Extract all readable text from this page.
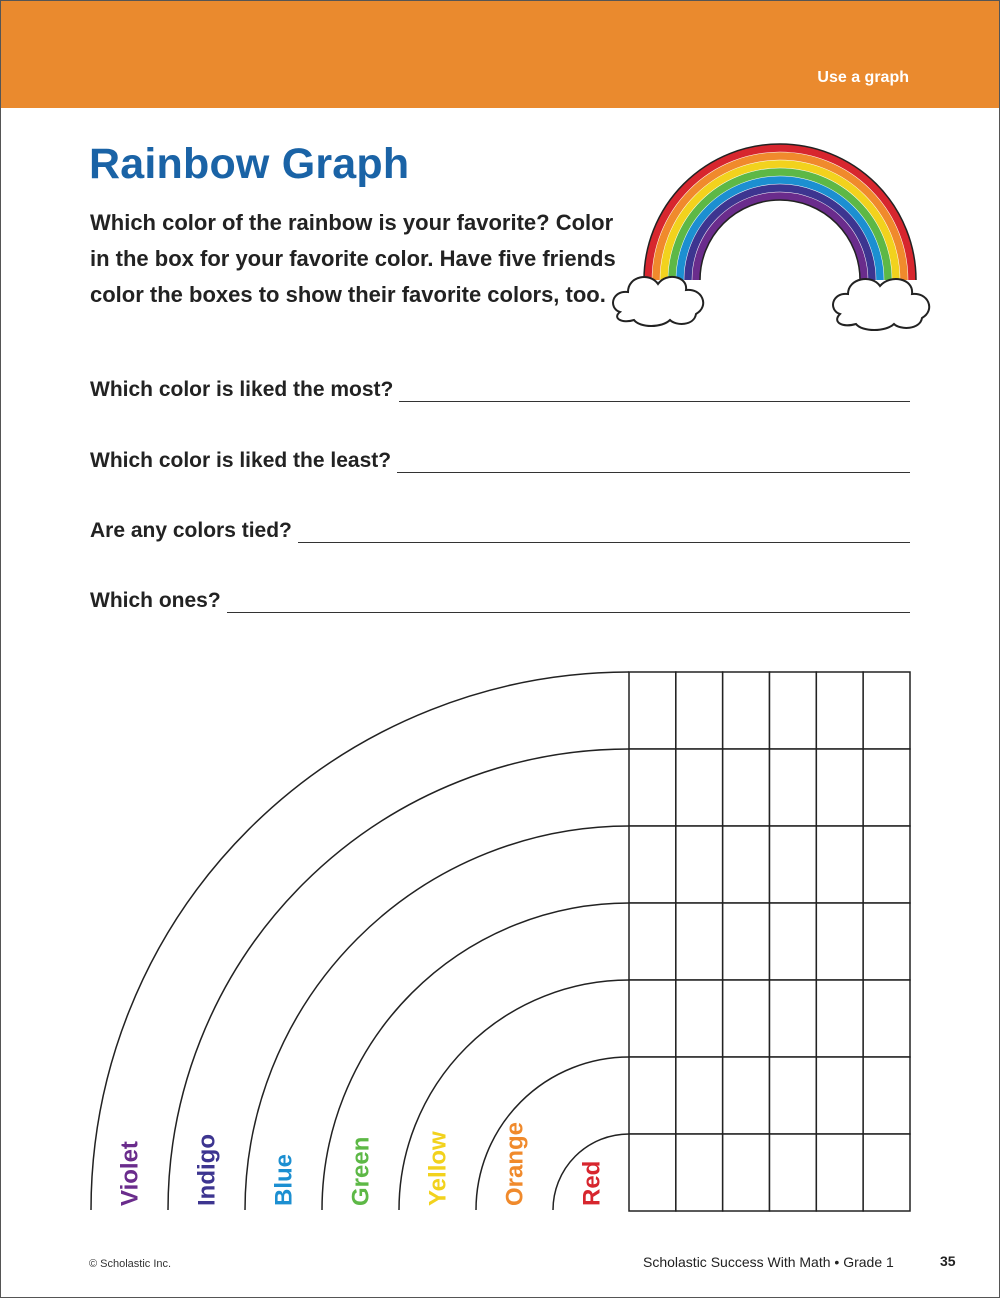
Use a graph
Rainbow Graph
Which color of the rainbow is your favorite? Color in the box for your favorite color. Have five friends color the boxes to show their favorite colors, too.
Which color is liked the most?
Which color is liked the least?
Are any colors tied?
Which ones?
Violet Indigo Blue Green Yellow Orange Red
© Scholastic Inc.	Scholastic Success With Math • Grade 1	35
